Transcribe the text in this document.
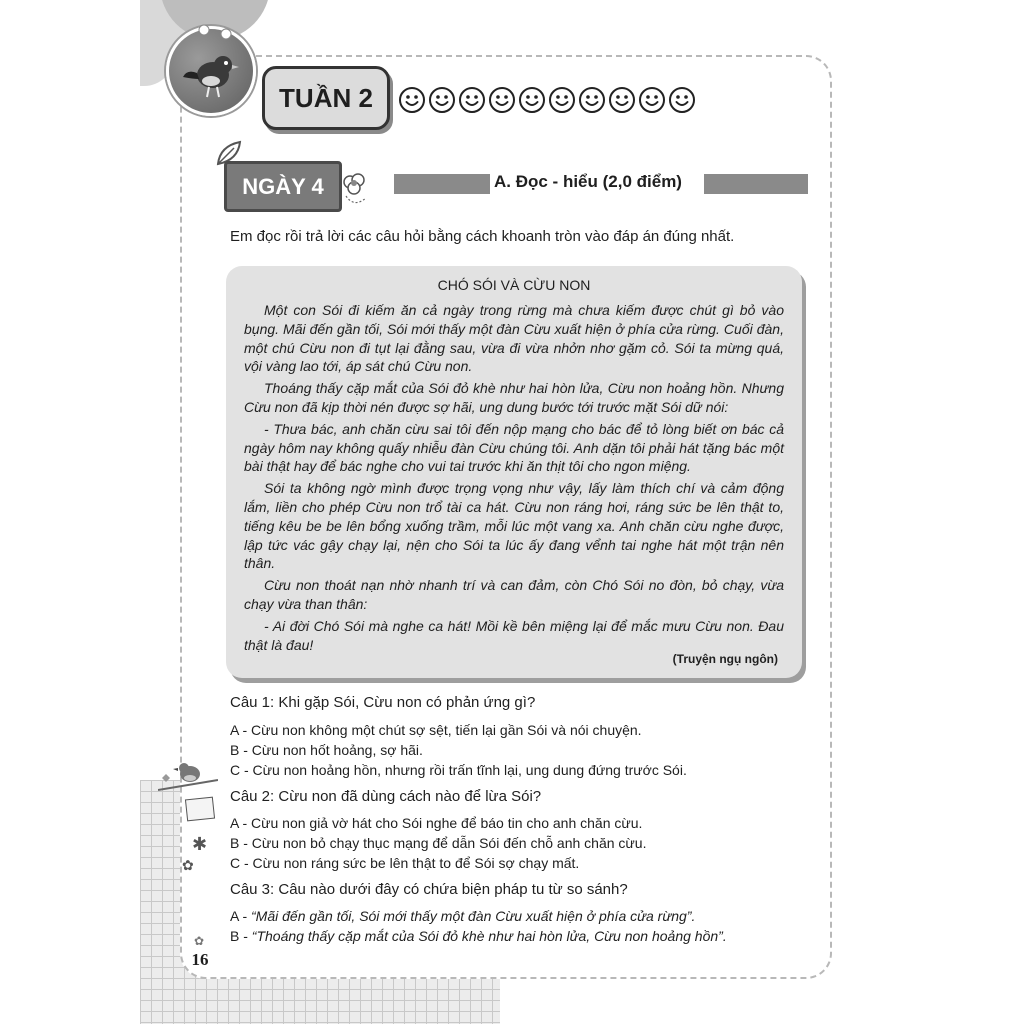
TUẦN 2
NGÀY 4	A. Đọc - hiểu (2,0 điểm)
Em đọc rồi trả lời các câu hỏi bằng cách khoanh tròn vào đáp án đúng nhất.
CHÓ SÓI VÀ CỪU NON

Một con Sói đi kiếm ăn cả ngày trong rừng mà chưa kiếm được chút gì bỏ vào bụng. Mãi đến gần tối, Sói mới thấy một đàn Cừu xuất hiện ở phía cửa rừng. Cuối đàn, một chú Cừu non đi tụt lại đằng sau, vừa đi vừa nhởn nhơ gặm cỏ. Sói ta mừng quá, vội vàng lao tới, áp sát chú Cừu non.

Thoáng thấy cặp mắt của Sói đỏ khè như hai hòn lửa, Cừu non hoảng hồn. Nhưng Cừu non đã kịp thời nén được sợ hãi, ung dung bước tới trước mặt Sói dữ nói:

- Thưa bác, anh chăn cừu sai tôi đến nộp mạng cho bác để tỏ lòng biết ơn bác cả ngày hôm nay không quấy nhiễu đàn Cừu chúng tôi. Anh dặn tôi phải hát tặng bác một bài thật hay để bác nghe cho vui tai trước khi ăn thịt tôi cho ngon miệng.

Sói ta không ngờ mình được trọng vọng như vậy, lấy làm thích chí và cảm động lắm, liền cho phép Cừu non trổ tài ca hát. Cừu non ráng hơi, ráng sức be lên thật to, tiếng kêu be be lên bổng xuống trầm, mỗi lúc một vang xa. Anh chăn cừu nghe được, lập tức vác gậy chạy lại, nện cho Sói ta lúc ấy đang vểnh tai nghe hát một trận nên thân.

Cừu non thoát nạn nhờ nhanh trí và can đảm, còn Chó Sói no đòn, bỏ chạy, vừa chạy vừa than thân:

- Ai đời Chó Sói mà nghe ca hát! Mồi kề bên miệng lại để mắc mưu Cừu non. Đau thật là đau!

(Truyện ngụ ngôn)
Câu 1: Khi gặp Sói, Cừu non có phản ứng gì?
A - Cừu non không một chút sợ sệt, tiến lại gần Sói và nói chuyện.
B - Cừu non hốt hoảng, sợ hãi.
C - Cừu non hoảng hồn, nhưng rồi trấn tĩnh lại, ung dung đứng trước Sói.
Câu 2: Cừu non đã dùng cách nào để lừa Sói?
A - Cừu non giả vờ hát cho Sói nghe để báo tin cho anh chăn cừu.
B - Cừu non bỏ chạy thục mạng để dẫn Sói đến chỗ anh chăn cừu.
C - Cừu non ráng sức be lên thật to để Sói sợ chạy mất.
Câu 3: Câu nào dưới đây có chứa biện pháp tu từ so sánh?
A - “Mãi đến gần tối, Sói mới thấy một đàn Cừu xuất hiện ở phía cửa rừng”.
B - “Thoáng thấy cặp mắt của Sói đỏ khè như hai hòn lửa, Cừu non hoảng hồn”.
✱
✿
✿
16
